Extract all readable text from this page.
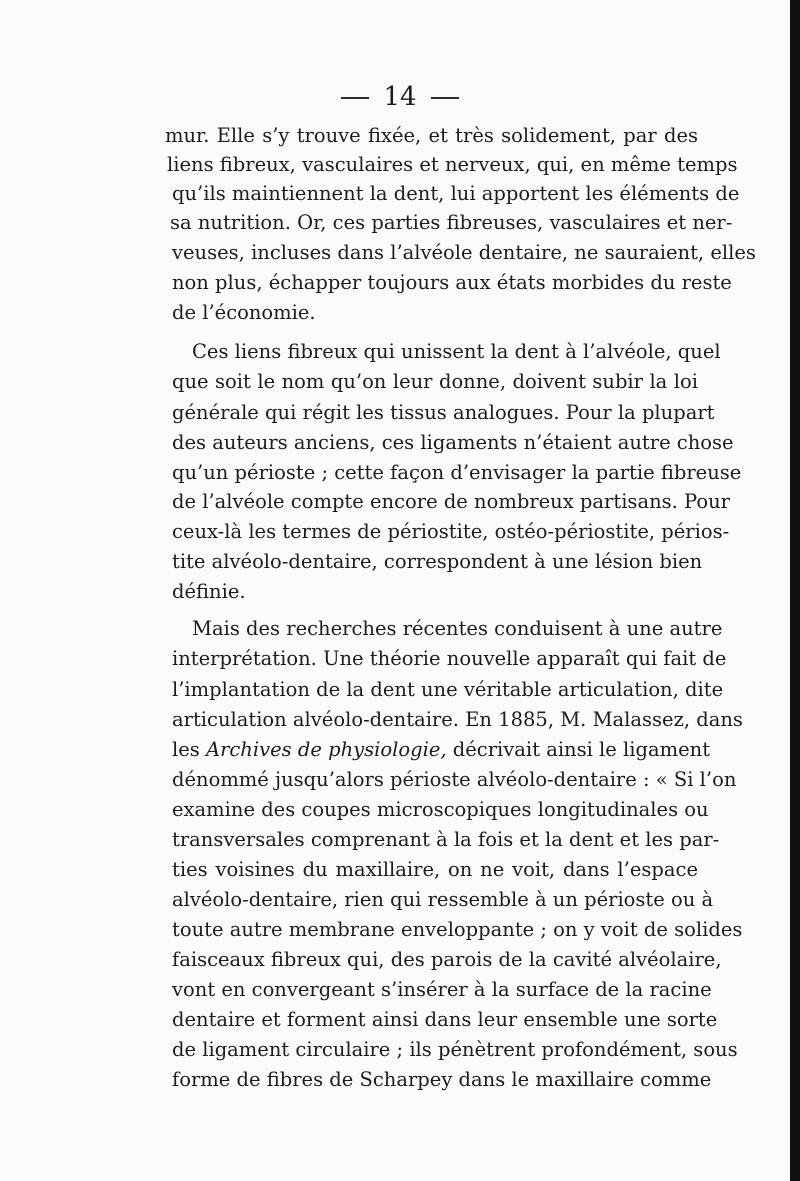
14
mur. Elle s’y trouve fixée, et très solidement, par des
liens fibreux, vasculaires et nerveux, qui, en même temps
qu’ils maintiennent la dent, lui apportent les éléments de
sa nutrition. Or, ces parties fibreuses, vasculaires et ner-
veuses, incluses dans l’alvéole dentaire, ne sauraient, elles
non plus, échapper toujours aux états morbides du reste
de l’économie.
Ces liens fibreux qui unissent la dent à l’alvéole, quel
que soit le nom qu’on leur donne, doivent subir la loi
générale qui régit les tissus analogues. Pour la plupart
des auteurs anciens, ces ligaments n’étaient autre chose
qu’un périoste ; cette façon d’envisager la partie fibreuse
de l’alvéole compte encore de nombreux partisans. Pour
ceux-là les termes de périostite, ostéo-périostite, périos-
tite alvéolo-dentaire, correspondent à une lésion bien
définie.
Mais des recherches récentes conduisent à une autre
interprétation. Une théorie nouvelle apparaît qui fait de
l’implantation de la dent une véritable articulation, dite
articulation alvéolo-dentaire. En 1885, M. Malassez, dans
les Archives de physiologie, décrivait ainsi le ligament
dénommé jusqu’alors périoste alvéolo-dentaire : « Si l’on
examine des coupes microscopiques longitudinales ou
transversales comprenant à la fois et la dent et les par-
ties voisines du maxillaire, on ne voit, dans l’espace
alvéolo-dentaire, rien qui ressemble à un périoste ou à
toute autre membrane enveloppante ; on y voit de solides
faisceaux fibreux qui, des parois de la cavité alvéolaire,
vont en convergeant s’insérer à la surface de la racine
dentaire et forment ainsi dans leur ensemble une sorte
de ligament circulaire ; ils pénètrent profondément, sous
forme de fibres de Scharpey dans le maxillaire comme
